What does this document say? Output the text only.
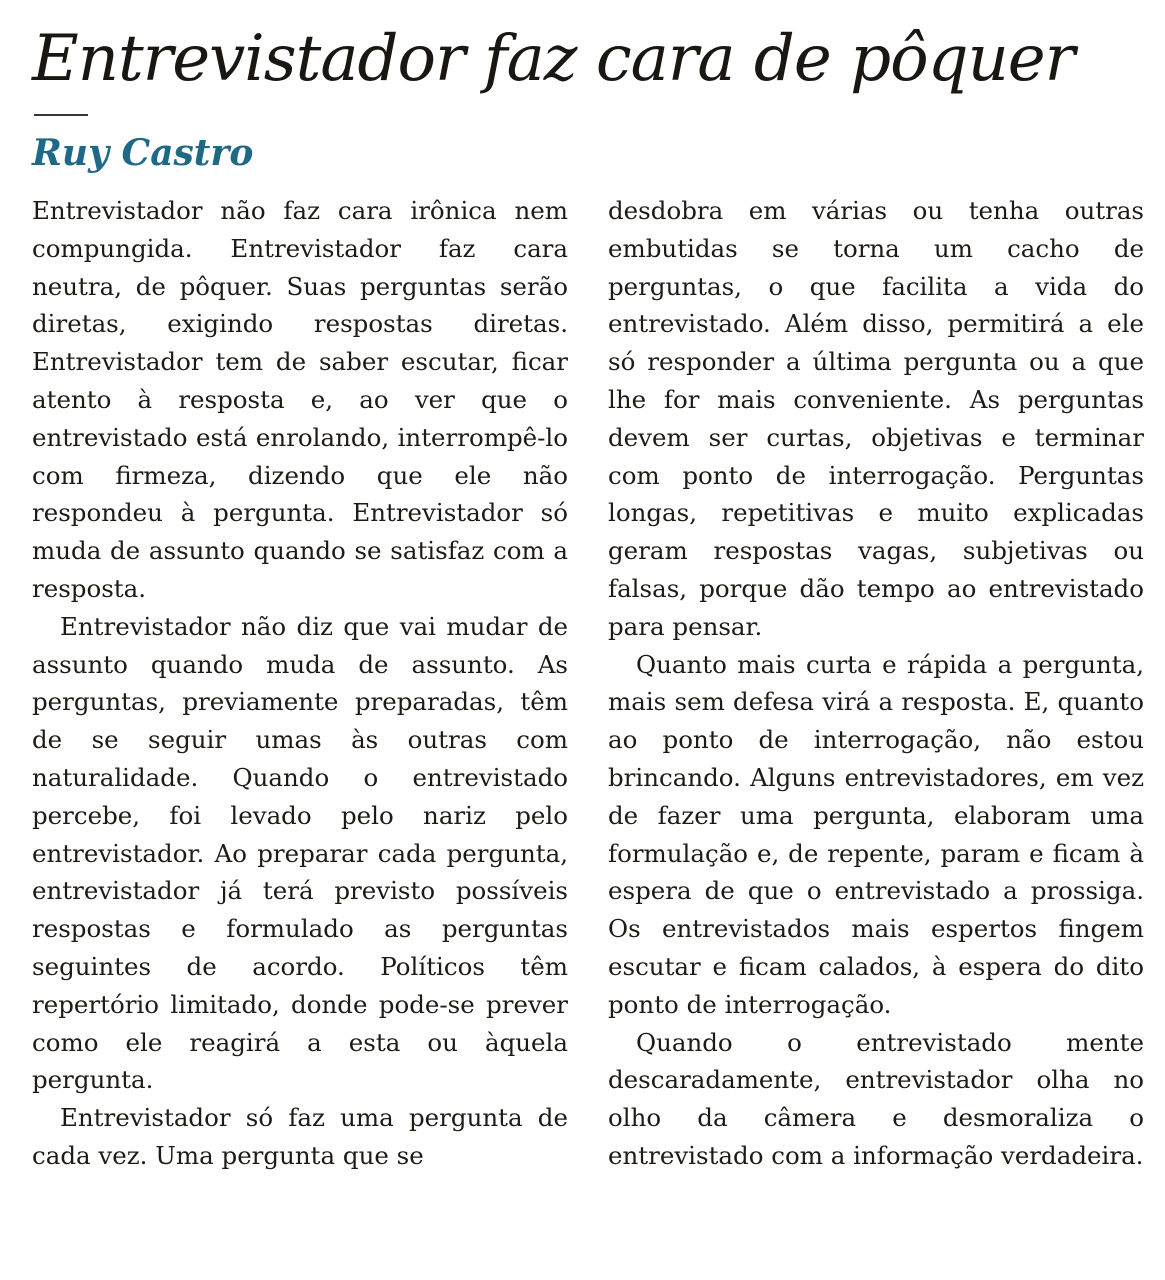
Entrevistador faz cara de pôquer
Ruy Castro

Entrevistador não faz cara irônica nem compungida. Entrevistador faz cara neutra, de pôquer. Suas perguntas serão diretas, exigindo respostas diretas. Entrevistador tem de saber escutar, ficar atento à resposta e, ao ver que o entrevistado está enrolando, interrompê-lo com firmeza, dizendo que ele não respondeu à pergunta. Entrevistador só muda de assunto quando se satisfaz com a resposta.

Entrevistador não diz que vai mudar de assunto quando muda de assunto. As perguntas, previamente preparadas, têm de se seguir umas às outras com naturalidade. Quando o entrevistado percebe, foi levado pelo nariz pelo entrevistador. Ao preparar cada pergunta, entrevistador já terá previsto possíveis respostas e formulado as perguntas seguintes de acordo. Políticos têm repertório limitado, donde pode-se prever como ele reagirá a esta ou àquela pergunta.

Entrevistador só faz uma pergunta de cada vez. Uma pergunta que se

desdobra em várias ou tenha outras embutidas se torna um cacho de perguntas, o que facilita a vida do entrevistado. Além disso, permitirá a ele só responder a última pergunta ou a que lhe for mais conveniente. As perguntas devem ser curtas, objetivas e terminar com ponto de interrogação. Perguntas longas, repetitivas e muito explicadas geram respostas vagas, subjetivas ou falsas, porque dão tempo ao entrevistado para pensar.

Quanto mais curta e rápida a pergunta, mais sem defesa virá a resposta. E, quanto ao ponto de interrogação, não estou brincando. Alguns entrevistadores, em vez de fazer uma pergunta, elaboram uma formulação e, de repente, param e ficam à espera de que o entrevistado a prossiga. Os entrevistados mais espertos fingem escutar e ficam calados, à espera do dito ponto de interrogação.

Quando o entrevistado mente descaradamente, entrevistador olha no olho da câmera e desmoraliza o entrevistado com a informação verdadeira.
